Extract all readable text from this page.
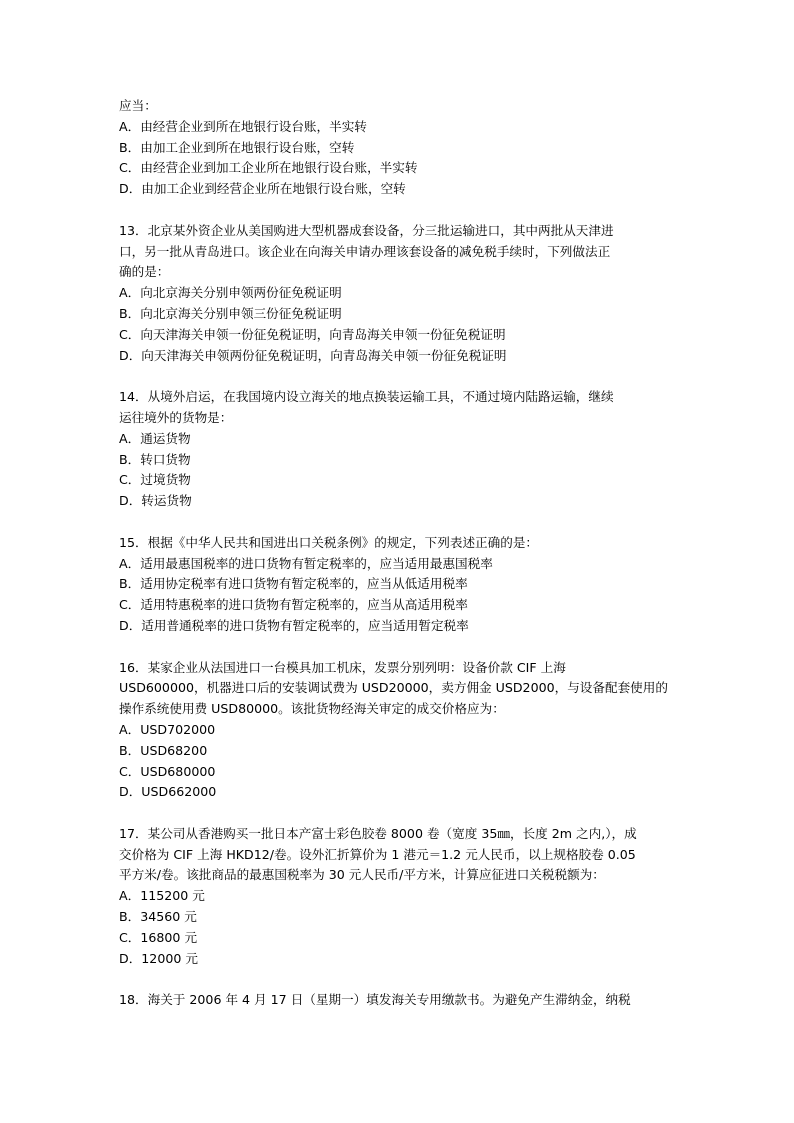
应当：
A．由经营企业到所在地银行设台账，半实转
B．由加工企业到所在地银行设台账，空转
C．由经营企业到加工企业所在地银行设台账，半实转
D．由加工企业到经营企业所在地银行设台账，空转
13．北京某外资企业从美国购进大型机器成套设备，分三批运输进口，其中两批从天津进
口，另一批从青岛进口。该企业在向海关申请办理该套设备的减免税手续时，下列做法正
确的是：
A．向北京海关分别申领两份征免税证明
B．向北京海关分别申领三份征免税证明
C．向天津海关申领一份征免税证明，向青岛海关申领一份征免税证明
D．向天津海关申领两份征免税证明，向青岛海关申领一份征免税证明
14．从境外启运，在我国境内设立海关的地点换装运输工具，不通过境内陆路运输，继续
运往境外的货物是：
A．通运货物
B．转口货物
C．过境货物
D．转运货物
15．根据《中华人民共和国进出口关税条例》的规定，下列表述正确的是：
A．适用最惠国税率的进口货物有暂定税率的，应当适用最惠国税率
B．适用协定税率有进口货物有暂定税率的，应当从低适用税率
C．适用特惠税率的进口货物有暂定税率的，应当从高适用税率
D．适用普通税率的进口货物有暂定税率的，应当适用暂定税率
16．某家企业从法国进口一台模具加工机床，发票分别列明：设备价款 CIF 上海
USD600000，机器进口后的安装调试费为 USD20000，卖方佣金 USD2000，与设备配套使用的
操作系统使用费 USD80000。该批货物经海关审定的成交价格应为：
A．USD702000
B．USD68200
C．USD680000
D．USD662000
17．某公司从香港购买一批日本产富士彩色胶卷 8000 卷（宽度 35㎜，长度 2m 之内,），成
交价格为 CIF 上海 HKD12/卷。设外汇折算价为 1 港元＝1.2 元人民币，以上规格胶卷 0.05
平方米/卷。该批商品的最惠国税率为 30 元人民币/平方米，计算应征进口关税税额为：
A．115200 元
B．34560 元
C．16800 元
D．12000 元
18．海关于 2006 年 4 月 17 日（星期一）填发海关专用缴款书。为避免产生滞纳金，纳税
